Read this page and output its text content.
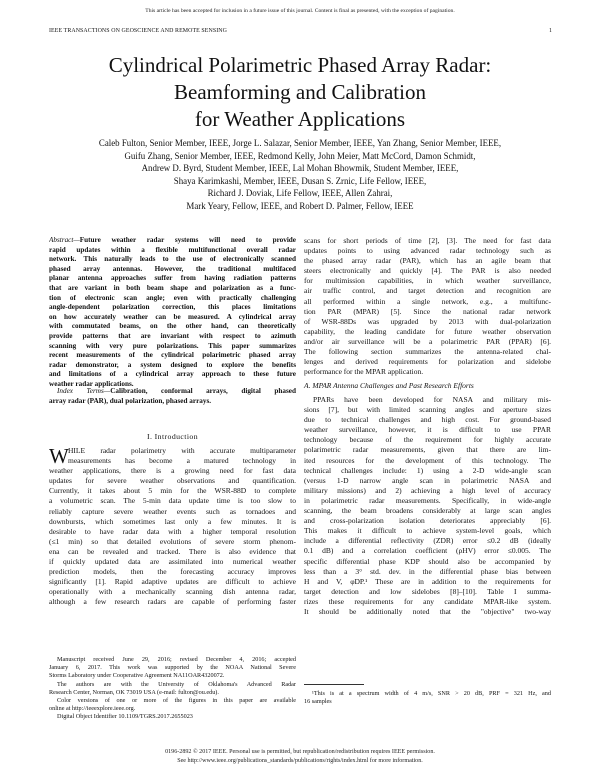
This article has been accepted for inclusion in a future issue of this journal. Content is final as presented, with the exception of pagination.
IEEE TRANSACTIONS ON GEOSCIENCE AND REMOTE SENSING	1
Cylindrical Polarimetric Phased Array Radar:
Beamforming and Calibration
for Weather Applications
Caleb Fulton, Senior Member, IEEE, Jorge L. Salazar, Senior Member, IEEE, Yan Zhang, Senior Member, IEEE,
Guifu Zhang, Senior Member, IEEE, Redmond Kelly, John Meier, Matt McCord, Damon Schmidt,
Andrew D. Byrd, Student Member, IEEE, Lal Mohan Bhowmik, Student Member, IEEE,
Shaya Karimkashi, Member, IEEE, Dusan S. Zrnic, Life Fellow, IEEE,
Richard J. Doviak, Life Fellow, IEEE, Allen Zahrai,
Mark Yeary, Fellow, IEEE, and Robert D. Palmer, Fellow, IEEE
Abstract—Future weather radar systems will need to provide
rapid updates within a flexible multifunctional overall radar
network. This naturally leads to the use of electronically scanned
phased array antennas. However, the traditional multifaced
planar antenna approaches suffer from having radiation patterns
that are variant in both beam shape and polarization as a func-
tion of electronic scan angle; even with practically challenging
angle-dependent polarization correction, this places limitations
on how accurately weather can be measured. A cylindrical array
with commutated beams, on the other hand, can theoretically
provide patterns that are invariant with respect to azimuth
scanning with very pure polarizations. This paper summarizes
recent measurements of the cylindrical polarimetric phased array
radar demonstrator, a system designed to explore the benefits
and limitations of a cylindrical array approach to these future
weather radar applications.
Index Terms—Calibration, conformal arrays, digital phased
array radar (PAR), dual polarization, phased arrays.
I. Introduction
W HILE radar polarimetry with accurate multiparameter
measurements has become a matured technology in
weather applications, there is a growing need for fast data
updates for severe weather observations and quantification.
Currently, it takes about 5 min for the WSR-88D to complete
a volumetric scan. The 5-min data update time is too slow to
reliably capture severe weather events such as tornadoes and
downbursts, which sometimes last only a few minutes. It is
desirable to have radar data with a higher temporal resolution
(≤1 min) so that detailed evolutions of severe storm phenom-
ena can be revealed and tracked. There is also evidence that
if quickly updated data are assimilated into numerical weather
prediction models, then the forecasting accuracy improves
significantly [1]. Rapid adaptive updates are difficult to achieve
operationally with a mechanically scanning dish antenna radar,
although a few research radars are capable of performing faster
Manuscript received June 29, 2016; revised December 4, 2016; accepted
January 6, 2017. This work was supported by the NOAA National Severe
Storms Laboratory under Cooperative Agreement NA11OAR4320072.
The authors are with the University of Oklahoma's Advanced Radar
Research Center, Norman, OK 73019 USA (e-mail: fulton@ou.edu).
Color versions of one or more of the figures in this paper are available
online at http://ieeexplore.ieee.org.
Digital Object Identifier 10.1109/TGRS.2017.2655023
scans for short periods of time [2], [3]. The need for fast data
updates points to using advanced radar technology such as
the phased array radar (PAR), which has an agile beam that
steers electronically and quickly [4]. The PAR is also needed
for multimission capabilities, in which weather surveillance,
air traffic control, and target detection and recognition are
all performed within a single network, e.g., a multifunc-
tion PAR (MPAR) [5]. Since the national radar network
of WSR-88Ds was upgraded by 2013 with dual-polarization
capability, the leading candidate for future weather observation
and/or air surveillance will be a polarimetric PAR (PPAR) [6].
The following section summarizes the antenna-related chal-
lenges and derived requirements for polarization and sidelobe
performance for the MPAR application.
A. MPAR Antenna Challenges and Past Research Efforts
PPARs have been developed for NASA and military mis-
sions [7], but with limited scanning angles and aperture sizes
due to technical challenges and high cost. For ground-based
weather surveillance, however, it is difficult to use PPAR
technology because of the requirement for highly accurate
polarimetric radar measurements, given that there are lim-
ited resources for the development of this technology. The
technical challenges include: 1) using a 2-D wide-angle scan
(versus 1-D narrow angle scan in polarimetric NASA and
military missions) and 2) achieving a high level of accuracy
in polarimetric radar measurements. Specifically, in wide-angle
scanning, the beam broadens considerably at large scan angles
and cross-polarization isolation deteriorates appreciably [6].
This makes it difficult to achieve system-level goals, which
include a differential reflectivity (ZDR) error ≤0.2 dB (ideally
0.1 dB) and a correlation coefficient (ρHV) error ≤0.005. The
specific differential phase KDP should also be accompanied by
less than a 3° std. dev. in the differential phase bias between
H and V, φDP.¹ These are in addition to the requirements for
target detection and low sidelobes [8]–[10]. Table I summa-
rizes these requirements for any candidate MPAR-like system.
It should be additionally noted that the "objective" two-way
¹This is at a spectrum width of 4 m/s, SNR > 20 dB, PRF = 321 Hz, and
16 samples
0196-2892 © 2017 IEEE. Personal use is permitted, but republication/redistribution requires IEEE permission.
See http://www.ieee.org/publications_standards/publications/rights/index.html for more information.
